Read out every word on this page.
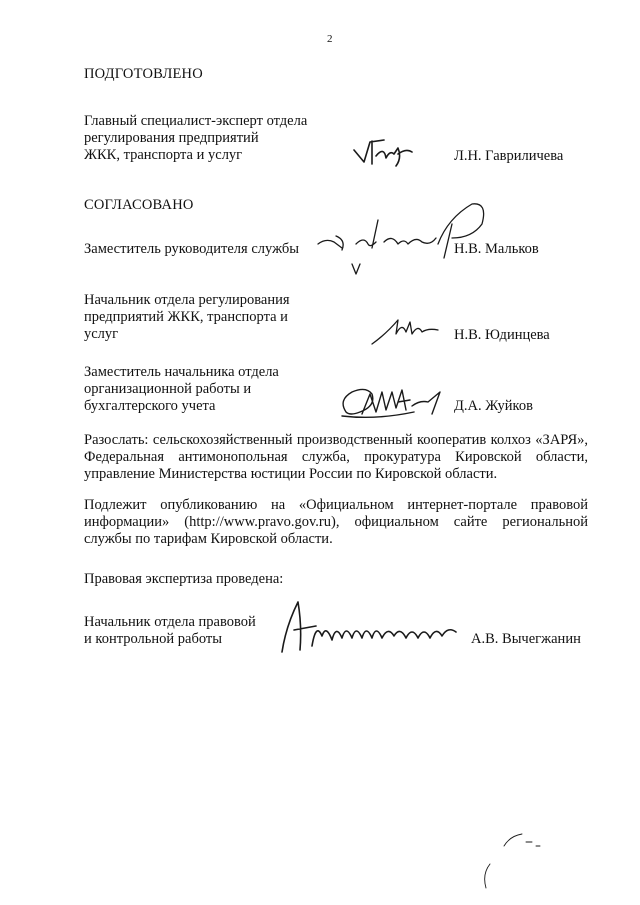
2
ПОДГОТОВЛЕНО
Главный специалист-эксперт отдела
регулирования предприятий
ЖКК, транспорта и услуг	Л.Н. Гавриличева
СОГЛАСОВАНО
Заместитель руководителя службы	Н.В. Мальков
Начальник отдела регулирования
предприятий ЖКК, транспорта и
услуг	Н.В. Юдинцева
Заместитель начальника отдела
организационной работы и
бухгалтерского учета	Д.А. Жуйков
Разослать: сельскохозяйственный производственный кооператив колхоз «ЗАРЯ», Федеральная антимонопольная служба, прокуратура Кировской области, управление Министерства юстиции России по Кировской области.
Подлежит опубликованию на «Официальном интернет-портале правовой информации» (http://www.pravo.gov.ru), официальном сайте региональной службы по тарифам Кировской области.
Правовая экспертиза проведена:
Начальник отдела правовой
и контрольной работы	А.В. Вычегжанин
